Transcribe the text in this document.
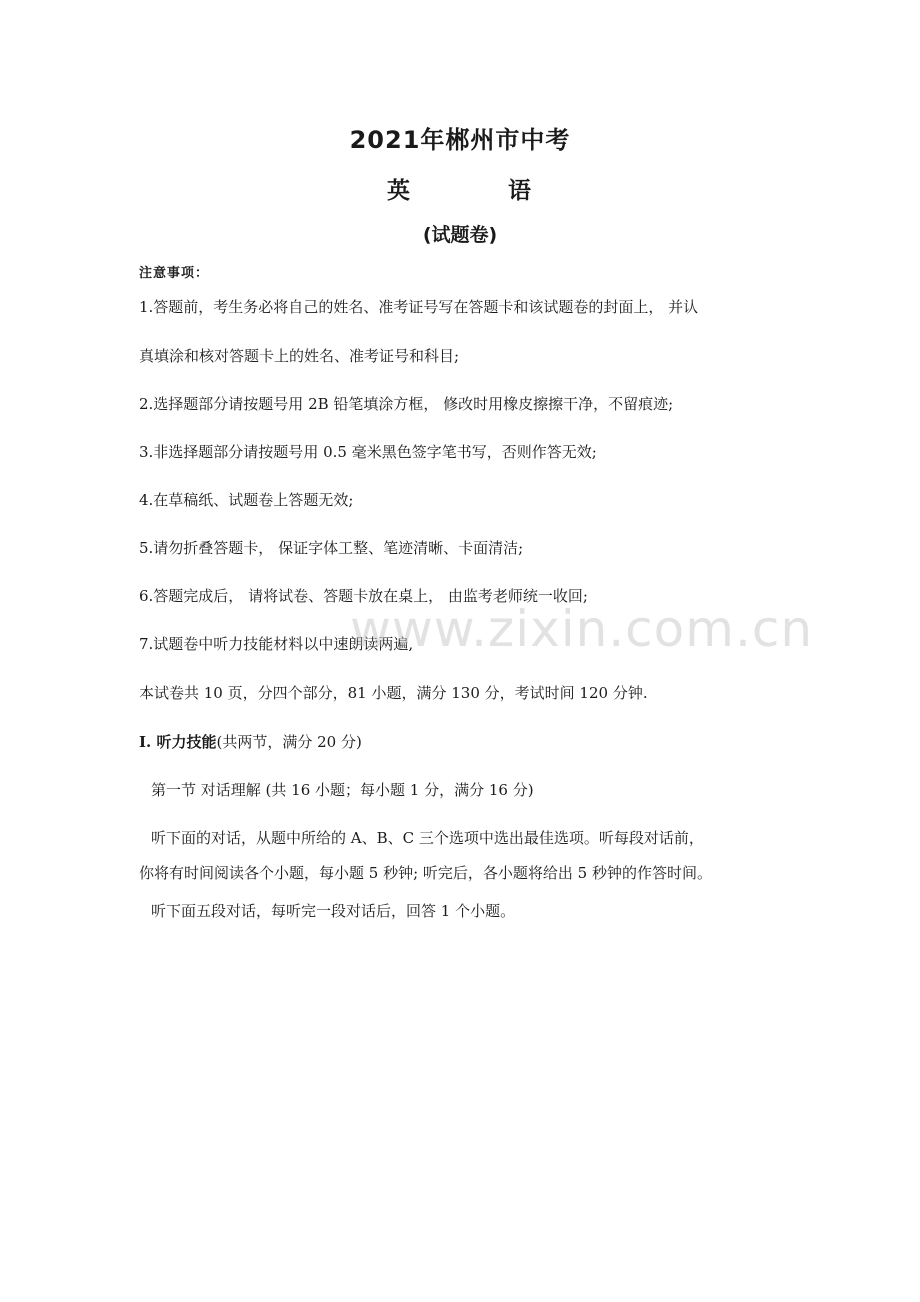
2021年郴州市中考
英 语
(试题卷)
注意事项：
1.答题前，考生务必将自己的姓名、准考证号写在答题卡和该试题卷的封面上， 并认
真填涂和核对答题卡上的姓名、准考证号和科目;
2.选择题部分请按题号用 2B 铅笔填涂方框， 修改时用橡皮擦擦干净，不留痕迹;
3.非选择题部分请按题号用 0.5 毫米黑色签字笔书写，否则作答无效;
4.在草稿纸、试题卷上答题无效;
5.请勿折叠答题卡， 保证字体工整、笔迹清晰、卡面清洁;
6.答题完成后， 请将试卷、答题卡放在桌上， 由监考老师统一收回;
7.试题卷中听力技能材料以中速朗读两遍,
本试卷共 10 页，分四个部分，81 小题，满分 130 分，考试时间 120 分钟.
I. 听力技能(共两节，满分 20 分)
第一节 对话理解 (共 16 小题；每小题 1 分，满分 16 分)
听下面的对话，从题中所给的 A、B、C 三个选项中选出最佳选项。听每段对话前，
你将有时间阅读各个小题，每小题 5 秒钟; 听完后，各小题将给出 5 秒钟的作答时间。
听下面五段对话，每听完一段对话后，回答 1 个小题。
www.zixin.com.cn
